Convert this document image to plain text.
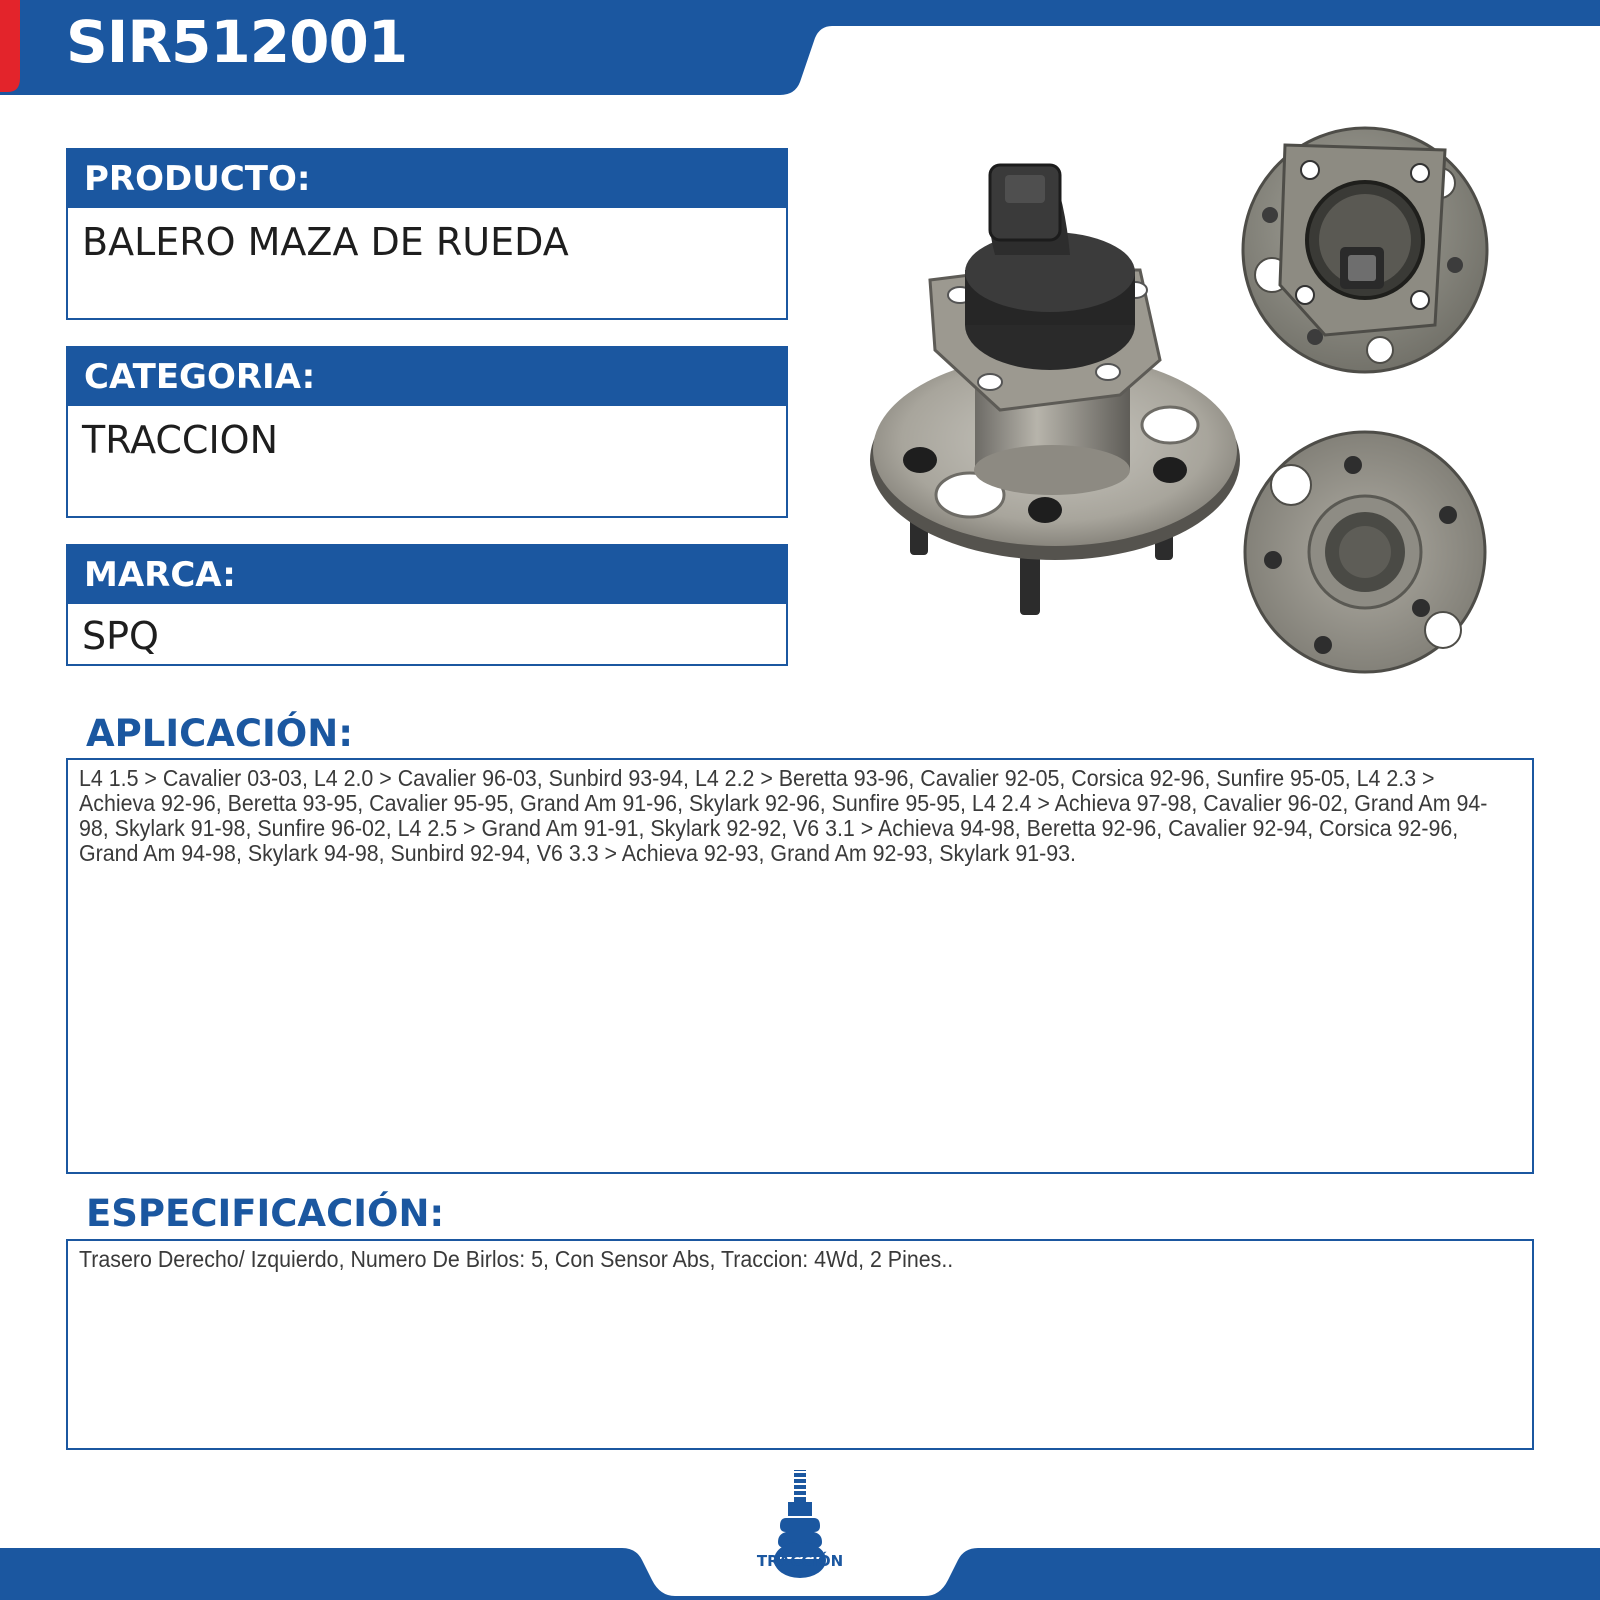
SIR512001
PRODUCTO:
BALERO MAZA DE RUEDA
CATEGORIA:
TRACCION
MARCA:
SPQ
APLICACIÓN:

L4 1.5 > Cavalier 03-03, L4 2.0 > Cavalier 96-03, Sunbird 93-94, L4 2.2 > Beretta 93-96, Cavalier 92-05, Corsica 92-96, Sunfire 95-05, L4 2.3 > Achieva 92-96, Beretta 93-95, Cavalier 95-95, Grand Am 91-96, Skylark 92-96, Sunfire 95-95, L4 2.4 > Achieva 97-98, Cavalier 96-02, Grand Am 94-98, Skylark 91-98, Sunfire 96-02, L4 2.5 > Grand Am 91-91, Skylark 92-92, V6 3.1 > Achieva 94-98, Beretta 92-96, Cavalier 92-94, Corsica 92-96, Grand Am 94-98, Skylark 94-98, Sunbird 92-94, V6 3.3 > Achieva 92-93, Grand Am 92-93, Skylark 91-93.

ESPECIFICACIÓN:

Trasero Derecho/ Izquierdo, Numero De Birlos: 5, Con Sensor Abs, Traccion: 4Wd, 2 Pines..

TRACCIÓN
